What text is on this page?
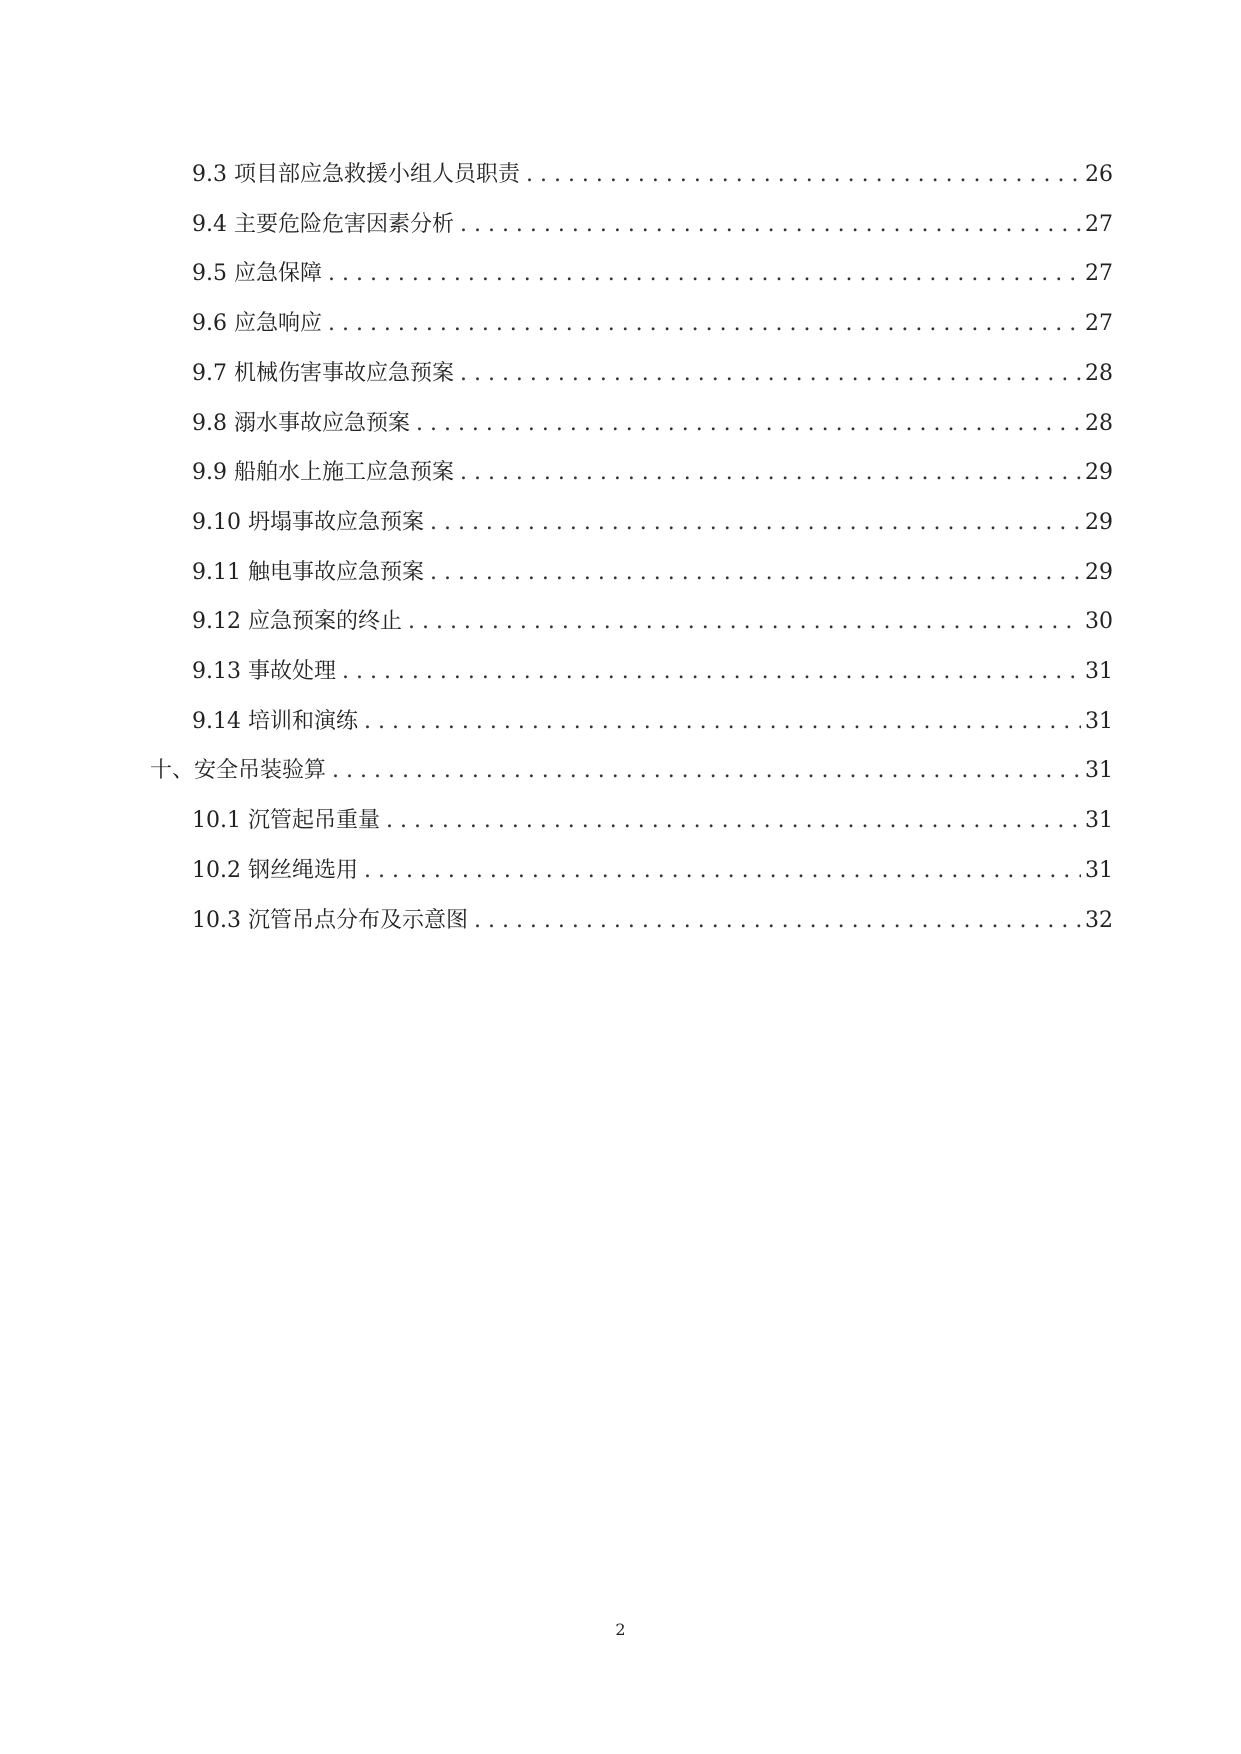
9.3 项目部应急救援小组人员职责 . . .	26
9.4 主要危险危害因素分析 . . .	27
9.5 应急保障 . . .	27
9.6 应急响应 . . .	27
9.7 机械伤害事故应急预案 . . .	28
9.8 溺水事故应急预案 . . .	28
9.9 船舶水上施工应急预案 . . .	29
9.10 坍塌事故应急预案 . . .	29
9.11 触电事故应急预案 . . .	29
9.12 应急预案的终止 . . .	30
9.13 事故处理 . . .	31
9.14 培训和演练 . . .	31
十、安全吊装验算 . . .	31
10.1 沉管起吊重量 . . .	31
10.2 钢丝绳选用 . . .	31
10.3 沉管吊点分布及示意图 . . .	32
2
